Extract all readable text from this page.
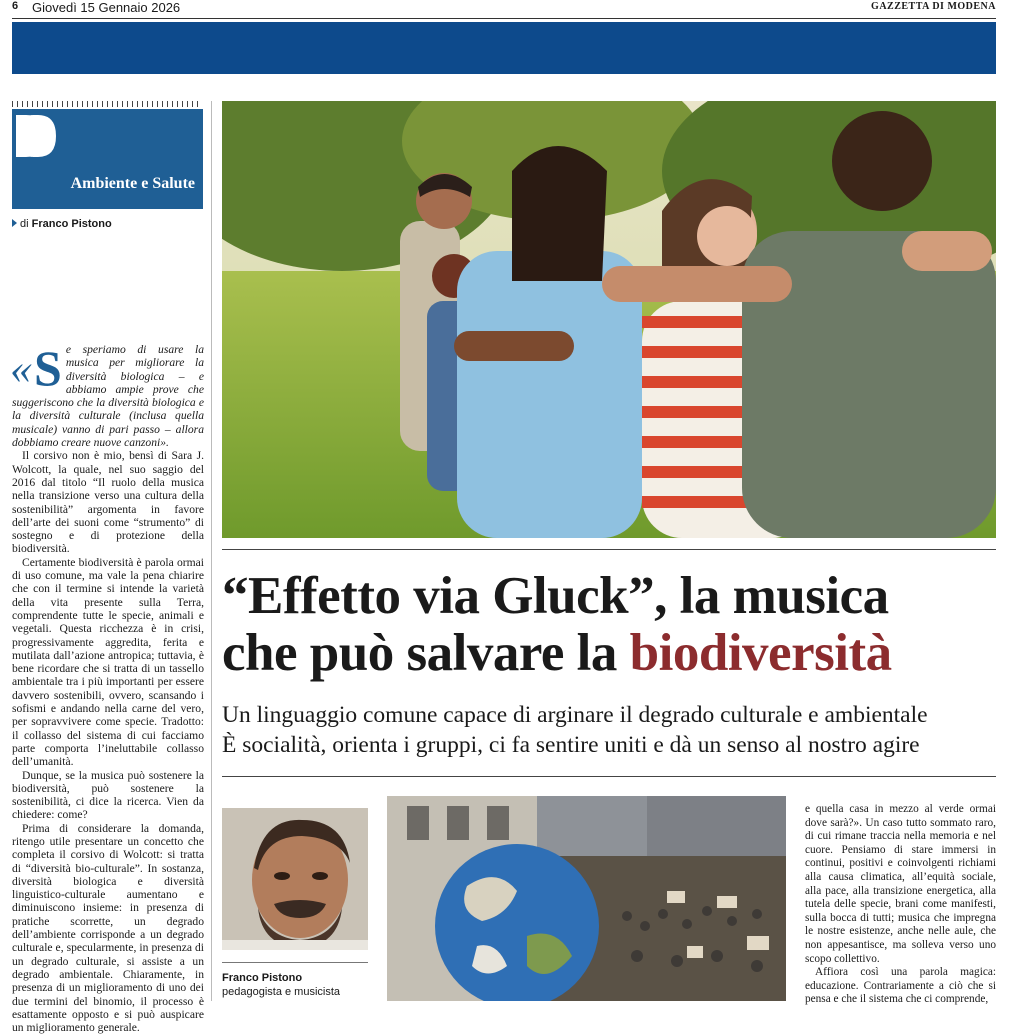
6 Giovedì 15 Gennaio 2026	GAZZETTA DI MODENA
Ambiente e Salute
di Franco Pistono

« S e speriamo di usare la musica per migliorare la diversità biologica – e abbiamo ampie prove che suggeriscono che la diversità biologica e la diversità culturale (inclusa quella musicale) vanno di pari passo – allora dobbiamo creare nuove canzoni».

Il corsivo non è mio, bensì di Sara J. Wolcott, la quale, nel suo saggio del 2016 dal titolo “Il ruolo della musica nella transizione verso una cultura della sostenibilità” argomenta in favore dell’arte dei suoni come “strumento” di sostegno e di protezione della biodiversità.

Certamente biodiversità è parola ormai di uso comune, ma vale la pena chiarire che con il termine si intende la varietà della vita presente sulla Terra, comprendente tutte le specie, animali e vegetali. Questa ricchezza è in crisi, progressivamente aggredita, ferita e mutilata dall’azione antropica; tuttavia, è bene ricordare che si tratta di un tassello ambientale tra i più importanti per essere davvero sostenibili, ovvero, scansando i sofismi e andando nella carne del vero, per sopravvivere come specie. Tradotto: il collasso del sistema di cui facciamo parte comporta l’ineluttabile collasso dell’umanità.

Dunque, se la musica può sostenere la biodiversità, può sostenere la sostenibilità, ci dice la ricerca. Vien da chiedere: come?

Prima di considerare la domanda, ritengo utile presentare un concetto che completa il corsivo di Wolcott: si tratta di “diversità bio-culturale”. In sostanza, diversità biologica e diversità linguistico-culturale aumentano e diminuiscono insieme: in presenza di pratiche scorrette, un degrado dell’ambiente corrisponde a un degrado culturale e, specularmente, in presenza di un degrado culturale, si assiste a un degrado ambientale. Chiaramente, in presenza di un miglioramento di uno dei due termini del binomio, il processo è esattamente opposto e si può auspicare un miglioramento generale.

“Effetto via Gluck”, la musica
che può salvare la biodiversità
Un linguaggio comune capace di arginare il degrado culturale e ambientale
È socialità, orienta i gruppi, ci fa sentire uniti e dà un senso al nostro agire
Franco Pistono
pedagogista e musicista

e quella casa in mezzo al verde ormai dove sarà?». Un caso tutto sommato raro, di cui rimane traccia nella memoria e nel cuore. Pensiamo di stare immersi in continui, positivi e coinvolgenti richiami alla causa climatica, all’equità sociale, alla pace, alla transizione energetica, alla tutela delle specie, brani come manifesti, sulla bocca di tutti; musica che impregna le nostre esistenze, anche nelle aule, che non appesantisce, ma solleva verso uno scopo collettivo.

Affiora così una parola magica: educazione. Contrariamente a ciò che si pensa e che il sistema che ci comprende,
